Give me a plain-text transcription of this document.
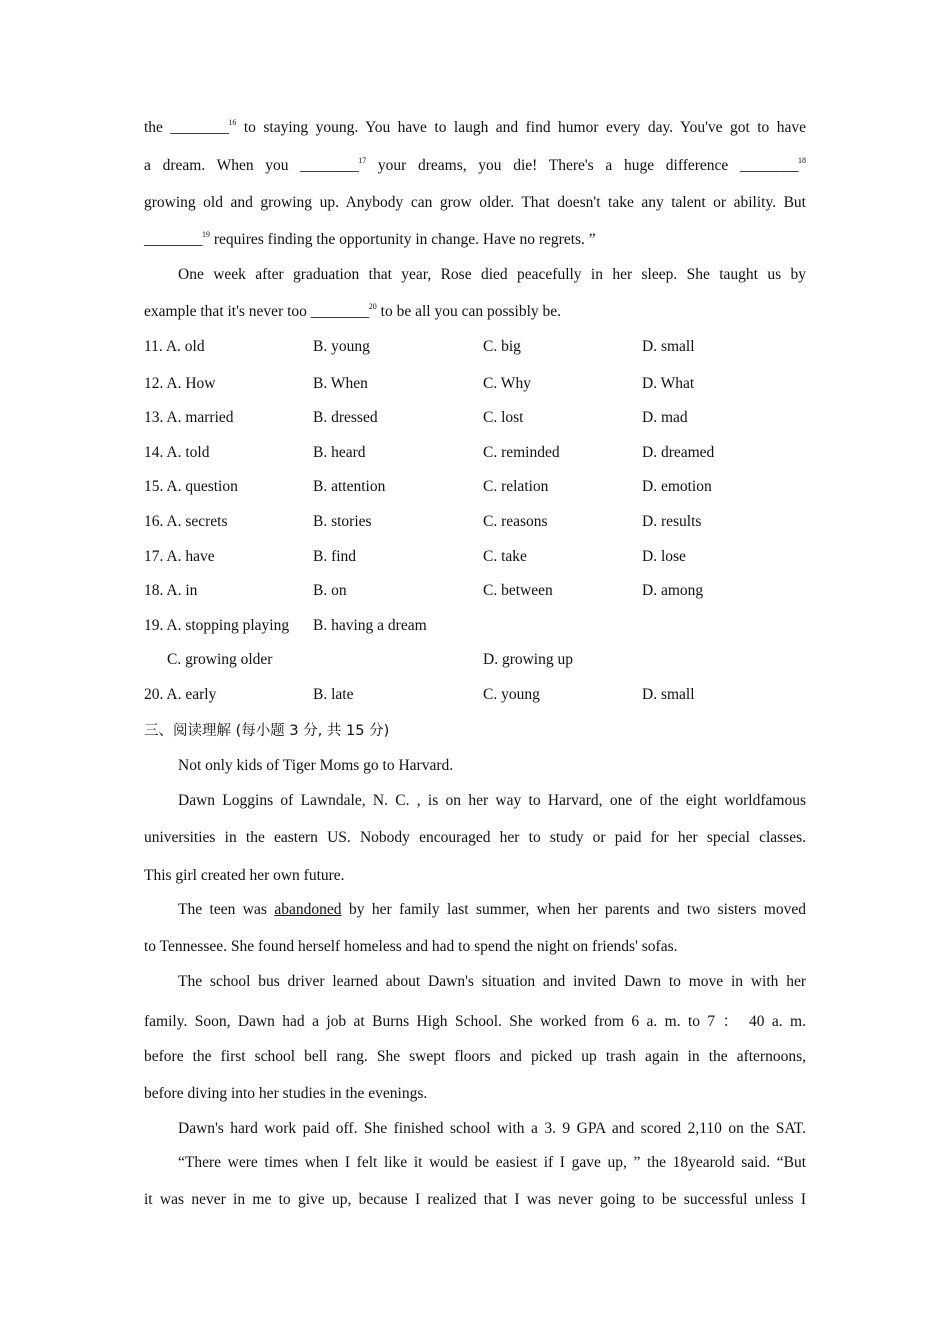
the ________$^{16}$ to staying young. You have to laugh and find humor every day. You've got to have
a dream. When you ________$^{17}$ your dreams, you die! There's a huge difference ________$^{18}$
growing old and growing up. Anybody can grow older. That doesn't take any talent or ability. But
________$^{19}$ requires finding the opportunity in change. Have no regrets. ”
One week after graduation that year, Rose died peacefully in her sleep. She taught us by
example that it's never too ________$^{20}$ to be all you can possibly be.
11. A. old	B. young	C. big	D. small
12. A. How	B. When	C. Why	D. What
13. A. married	B. dressed	C. lost	D. mad
14. A. told	B. heard	C. reminded	D. dreamed
15. A. question	B. attention	C. relation	D. emotion
16. A. secrets	B. stories	C. reasons	D. results
17. A. have	B. find	C. take	D. lose
18. A. in	B. on	C. between	D. among
19. A. stopping playing B. having a dream
C. growing older	D. growing up
20. A. early	B. late	C. young	D. small
三、阅读理解 (每小题 3 分, 共 15 分)
Not only kids of Tiger Moms go to Harvard.
Dawn Loggins of Lawndale, N. C. , is on her way to Harvard, one of the eight worldfamous
universities in the eastern US. Nobody encouraged her to study or paid for her special classes.
This girl created her own future.
The teen was abandoned by her family last summer, when her parents and two sisters moved
to Tennessee. She found herself homeless and had to spend the night on friends' sofas.
The school bus driver learned about Dawn's situation and invited Dawn to move in with her
family. Soon, Dawn had a job at Burns High School. She worked from 6 a. m. to 7 ： 40 a. m.
before the first school bell rang. She swept floors and picked up trash again in the afternoons,
before diving into her studies in the evenings.
Dawn's hard work paid off. She finished school with a 3. 9 GPA and scored 2,110 on the SAT.
“There were times when I felt like it would be easiest if I gave up, ” the 18yearold said. “But
it was never in me to give up, because I realized that I was never going to be successful unless I
